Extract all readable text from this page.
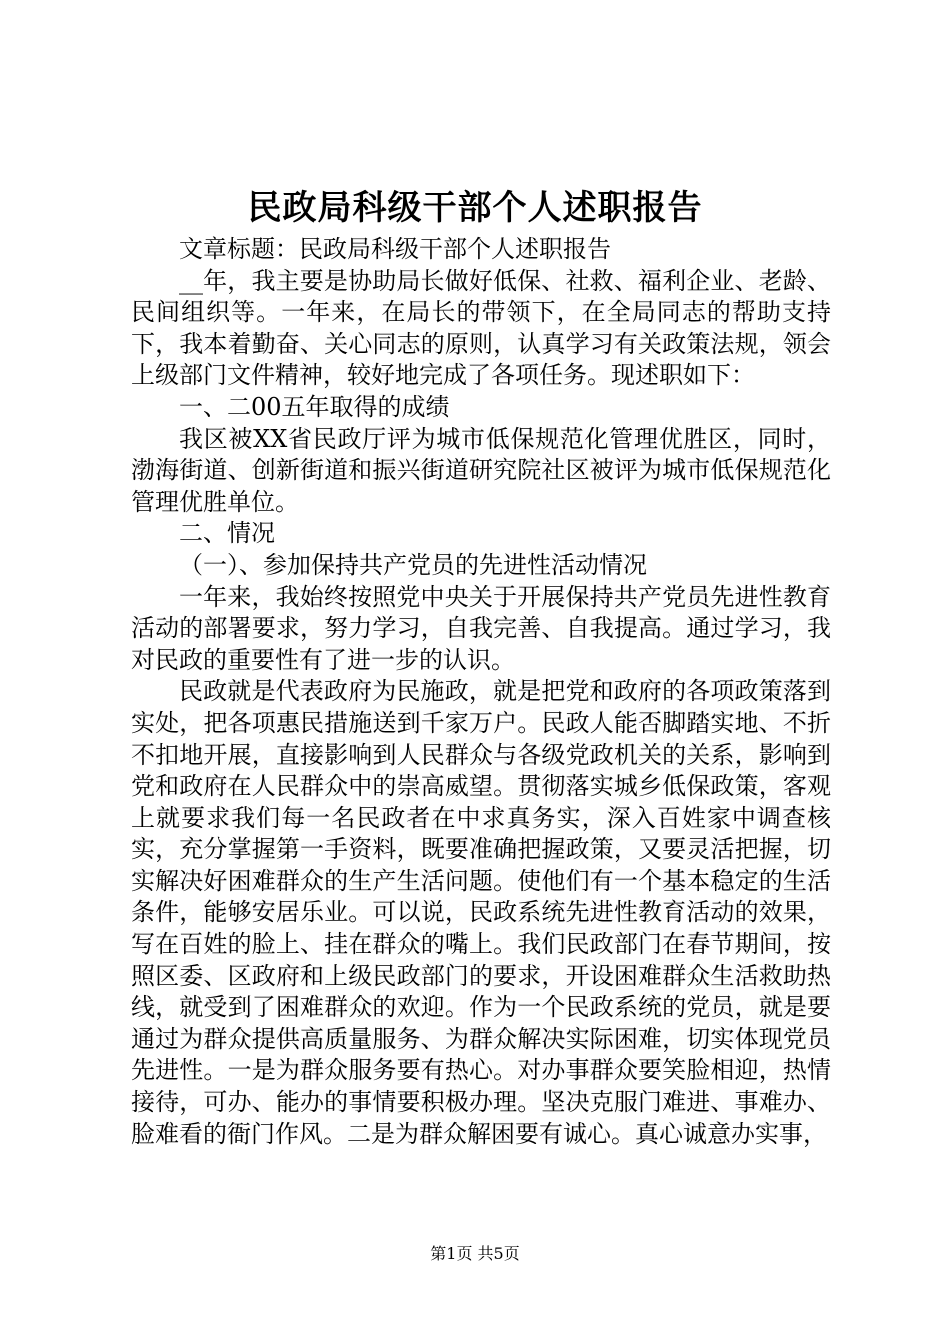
民政局科级干部个人述职报告

文章标题：民政局科级干部个人述职报告

__年，我主要是协助局长做好低保、社救、福利企业、老龄、民间组织等。一年来，在局长的带领下，在全局同志的帮助支持下，我本着勤奋、关心同志的原则，认真学习有关政策法规，领会上级部门文件精神，较好地完成了各项任务。现述职如下：

一、二00五年取得的成绩

我区被XX省民政厅评为城市低保规范化管理优胜区，同时，渤海街道、创新街道和振兴街道研究院社区被评为城市低保规范化管理优胜单位。

二、情况

（一）、参加保持共产党员的先进性活动情况

一年来，我始终按照党中央关于开展保持共产党员先进性教育活动的部署要求，努力学习，自我完善、自我提高。通过学习，我对民政的重要性有了进一步的认识。

民政就是代表政府为民施政，就是把党和政府的各项政策落到实处，把各项惠民措施送到千家万户。民政人能否脚踏实地、不折不扣地开展，直接影响到人民群众与各级党政机关的关系，影响到党和政府在人民群众中的崇高威望。贯彻落实城乡低保政策，客观上就要求我们每一名民政者在中求真务实，深入百姓家中调查核实，充分掌握第一手资料，既要准确把握政策，又要灵活把握，切实解决好困难群众的生产生活问题。使他们有一个基本稳定的生活条件，能够安居乐业。可以说，民政系统先进性教育活动的效果，写在百姓的脸上、挂在群众的嘴上。我们民政部门在春节期间，按照区委、区政府和上级民政部门的要求，开设困难群众生活救助热线，就受到了困难群众的欢迎。作为一个民政系统的党员，就是要通过为群众提供高质量服务、为群众解决实际困难，切实体现党员先进性。一是为群众服务要有热心。对办事群众要笑脸相迎，热情接待，可办、能办的事情要积极办理。坚决克服门难进、事难办、脸难看的衙门作风。二是为群众解困要有诚心。真心诚意办实事，

第1页 共5页
